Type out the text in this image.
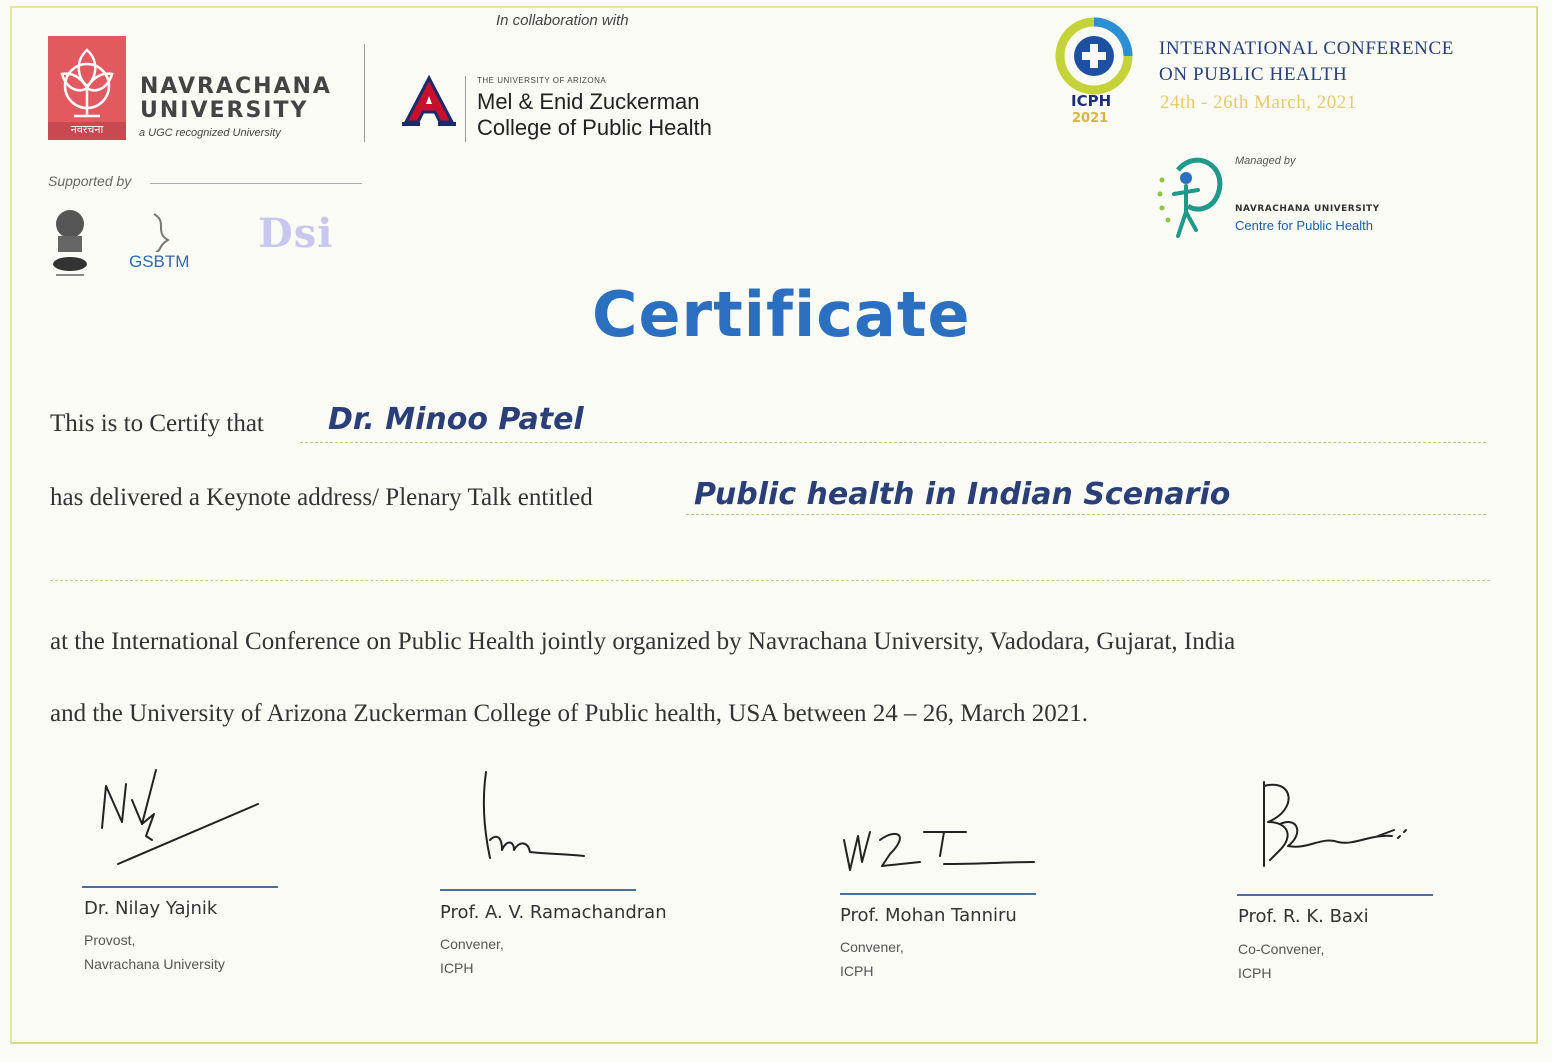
नवरचना
NAVRACHANA
UNIVERSITY
a UGC recognized University
In collaboration with
THE UNIVERSITY OF ARIZONA
Mel & Enid Zuckerman
College of Public Health
Supported by
GSBTM
Dsi
ICPH
2021
INTERNATIONAL CONFERENCE
ON PUBLIC HEALTH
24th - 26th March, 2021
Managed by
NAVRACHANA UNIVERSITY
Centre for Public Health
Certificate
This is to Certify that Dr. Minoo Patel
has delivered a Keynote address/ Plenary Talk entitled	Public health in Indian Scenario
at the International Conference on Public Health jointly organized by Navrachana University, Vadodara, Gujarat, India
and the University of Arizona Zuckerman College of Public health, USA between 24 – 26, March 2021.
Dr. Nilay Yajnik
Provost,
Navrachana University
Prof. A. V. Ramachandran
Convener,
ICPH
Prof. Mohan Tanniru
Convener,
ICPH
Prof. R. K. Baxi
Co-Convener,
ICPH
